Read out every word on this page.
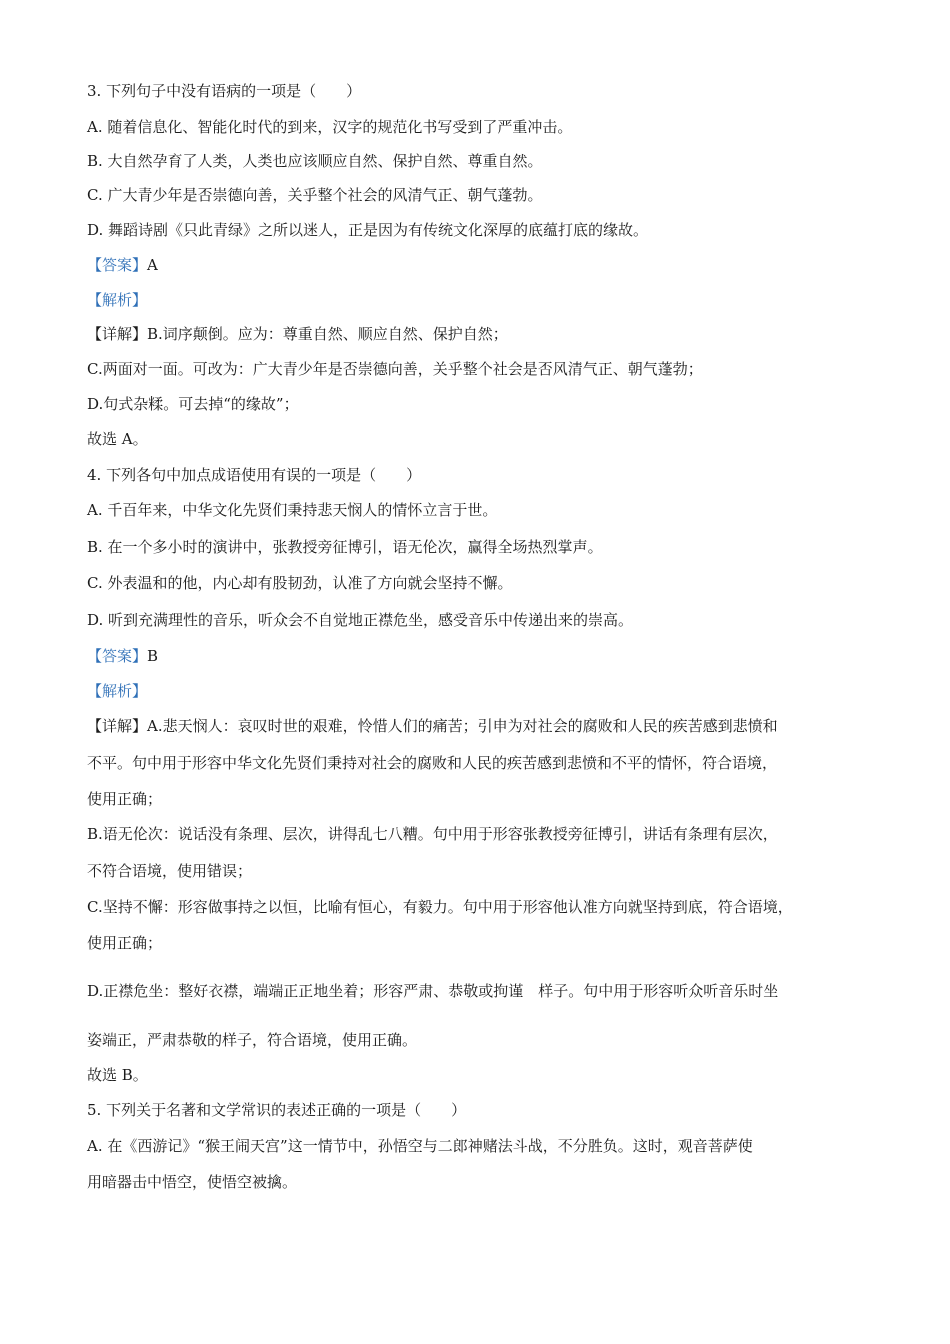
3. 下列句子中没有语病的一项是（　　）
A. 随着信息化、智能化时代的到来，汉字的规范化书写受到了严重冲击。
B. 大自然孕育了人类，人类也应该顺应自然、保护自然、尊重自然。
C. 广大青少年是否崇德向善，关乎整个社会的风清气正、朝气蓬勃。
D. 舞蹈诗剧《只此青绿》之所以迷人，正是因为有传统文化深厚的底蕴打底的缘故。
【答案】A
【解析】
【详解】B.词序颠倒。应为：尊重自然、顺应自然、保护自然；
C.两面对一面。可改为：广大青少年是否崇德向善，关乎整个社会是否风清气正、朝气蓬勃；
D.句式杂糅。可去掉“的缘故”；
故选 A。
4. 下列各句中加点成语使用有误的一项是（　　）
A. 千百年来，中华文化先贤们秉持悲天悯人的情怀立言于世。
B. 在一个多小时的演讲中，张教授旁征博引，语无伦次，赢得全场热烈掌声。
C. 外表温和的他，内心却有股韧劲，认准了方向就会坚持不懈。
D. 听到充满理性的音乐，听众会不自觉地正襟危坐，感受音乐中传递出来的崇高。
【答案】B
【解析】
【详解】A.悲天悯人：哀叹时世的艰难，怜惜人们的痛苦；引申为对社会的腐败和人民的疾苦感到悲愤和
不平。句中用于形容中华文化先贤们秉持对社会的腐败和人民的疾苦感到悲愤和不平的情怀，符合语境，
使用正确；
B.语无伦次：说话没有条理、层次，讲得乱七八糟。句中用于形容张教授旁征博引，讲话有条理有层次，
不符合语境，使用错误；
C.坚持不懈：形容做事持之以恒，比喻有恒心，有毅力。句中用于形容他认准方向就坚持到底，符合语境，
使用正确；
D.正襟危坐：整好衣襟，端端正正地坐着；形容严肃、恭敬或拘谨　样子。句中用于形容听众听音乐时坐
姿端正，严肃恭敬的样子，符合语境，使用正确。
故选 B。
5. 下列关于名著和文学常识的表述正确的一项是（　　）
A. 在《西游记》“猴王闹天宫”这一情节中，孙悟空与二郎神赌法斗战，不分胜负。这时，观音菩萨使
用暗器击中悟空，使悟空被擒。
